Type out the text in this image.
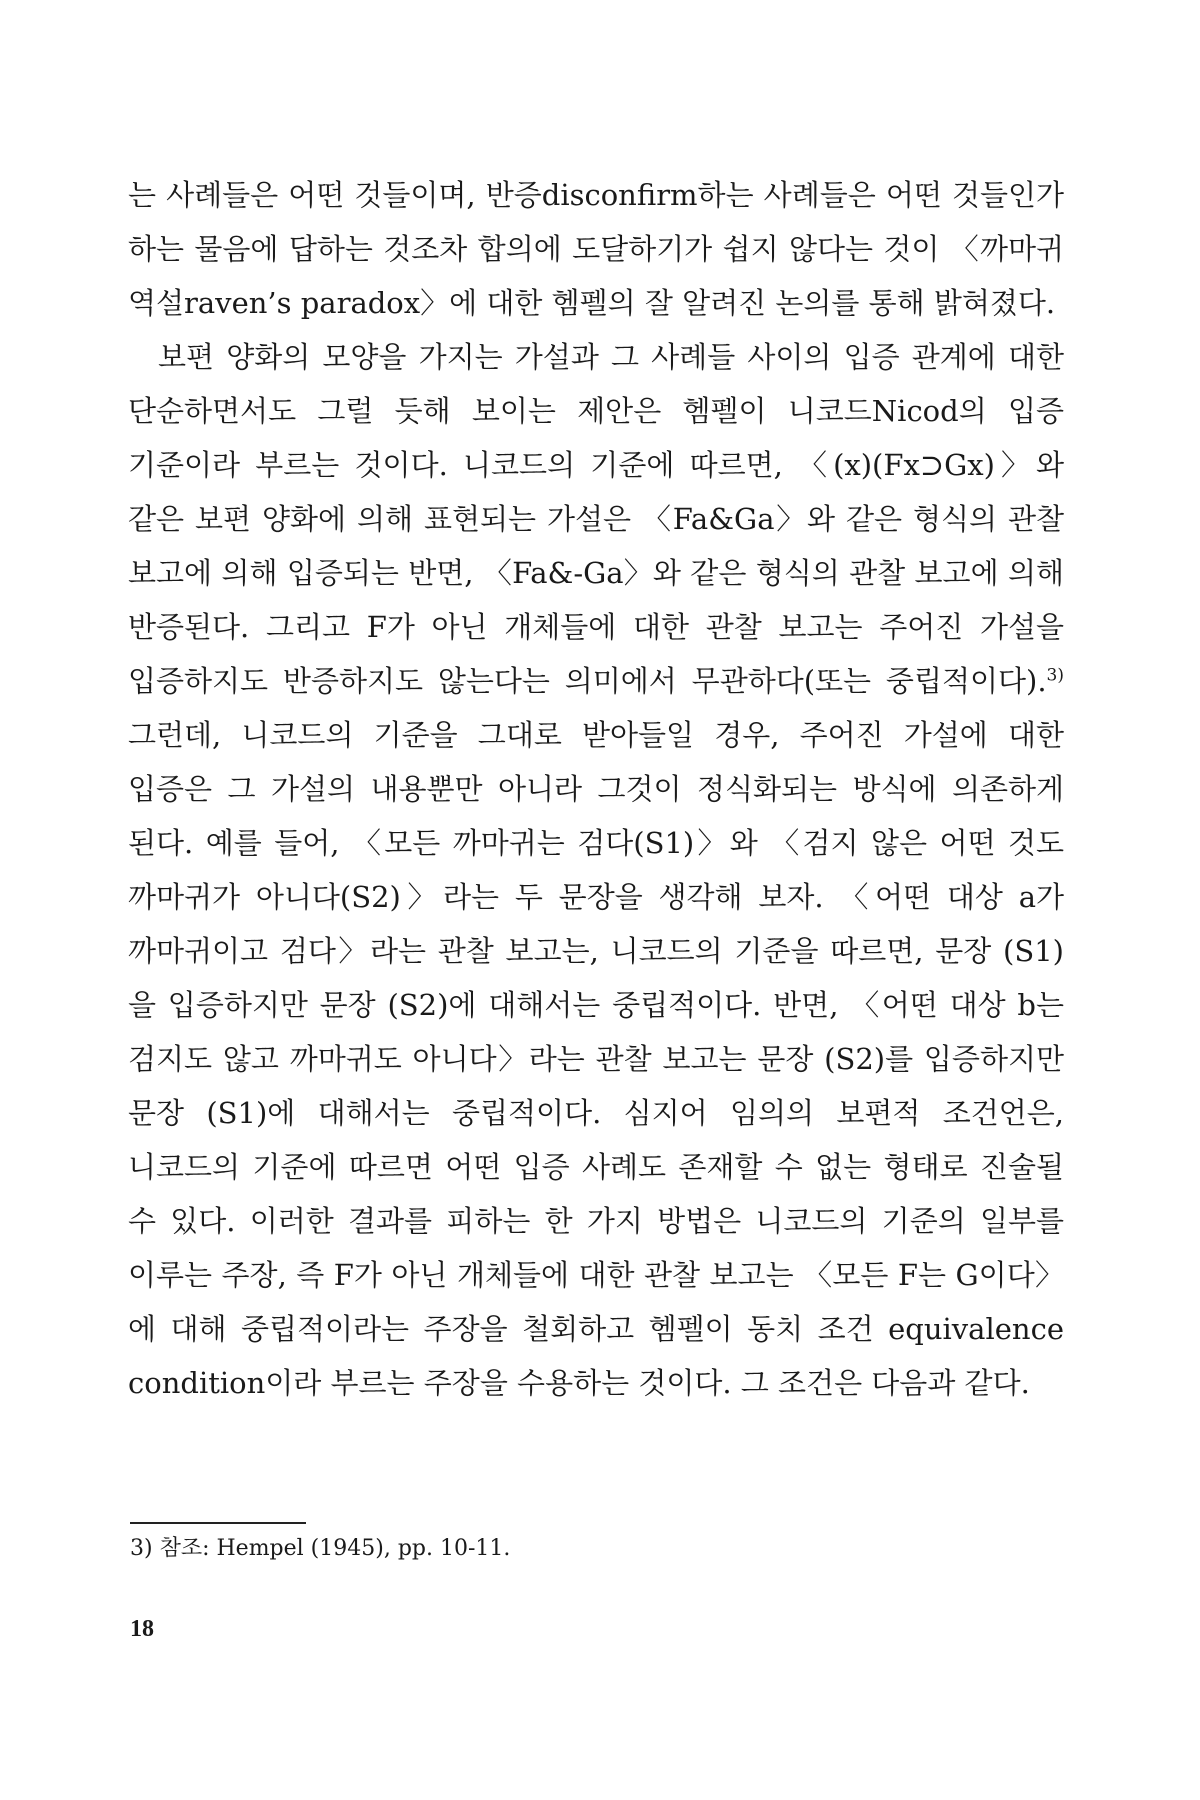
는 사례들은 어떤 것들이며, 반증disconfirm하는 사례들은 어떤 것들인가 하는 물음에 답하는 것조차 합의에 도달하기가 쉽지 않다는 것이 〈까마귀 역설raven’s paradox〉에 대한 헴펠의 잘 알려진 논의를 통해 밝혀졌다.

보편 양화의 모양을 가지는 가설과 그 사례들 사이의 입증 관계에 대한 단순하면서도 그럴 듯해 보이는 제안은 헴펠이 니코드Nicod의 입증 기준이라 부르는 것이다. 니코드의 기준에 따르면, 〈(x)(Fx⊃Gx)〉와 같은 보편 양화에 의해 표현되는 가설은 〈Fa&Ga〉와 같은 형식의 관찰 보고에 의해 입증되는 반면, 〈Fa&-Ga〉와 같은 형식의 관찰 보고에 의해 반증된다. 그리고 F가 아닌 개체들에 대한 관찰 보고는 주어진 가설을 입증하지도 반증하지도 않는다는 의미에서 무관하다(또는 중립적이다).$^{3)}$ 그런데, 니코드의 기준을 그대로 받아들일 경우, 주어진 가설에 대한 입증은 그 가설의 내용뿐만 아니라 그것이 정식화되는 방식에 의존하게 된다. 예를 들어, 〈모든 까마귀는 검다(S1)〉와 〈검지 않은 어떤 것도 까마귀가 아니다(S2)〉라는 두 문장을 생각해 보자. 〈어떤 대상 a가 까마귀이고 검다〉라는 관찰 보고는, 니코드의 기준을 따르면, 문장 (S1)을 입증하지만 문장 (S2)에 대해서는 중립적이다. 반면, 〈어떤 대상 b는 검지도 않고 까마귀도 아니다〉라는 관찰 보고는 문장 (S2)를 입증하지만 문장 (S1)에 대해서는 중립적이다. 심지어 임의의 보편적 조건언은, 니코드의 기준에 따르면 어떤 입증 사례도 존재할 수 없는 형태로 진술될 수 있다. 이러한 결과를 피하는 한 가지 방법은 니코드의 기준의 일부를 이루는 주장, 즉 F가 아닌 개체들에 대한 관찰 보고는 〈모든 F는 G이다〉에 대해 중립적이라는 주장을 철회하고 헴펠이 동치 조건 equivalence condition이라 부르는 주장을 수용하는 것이다. 그 조건은 다음과 같다.

3) 참조: Hempel (1945), pp. 10-11.

18
